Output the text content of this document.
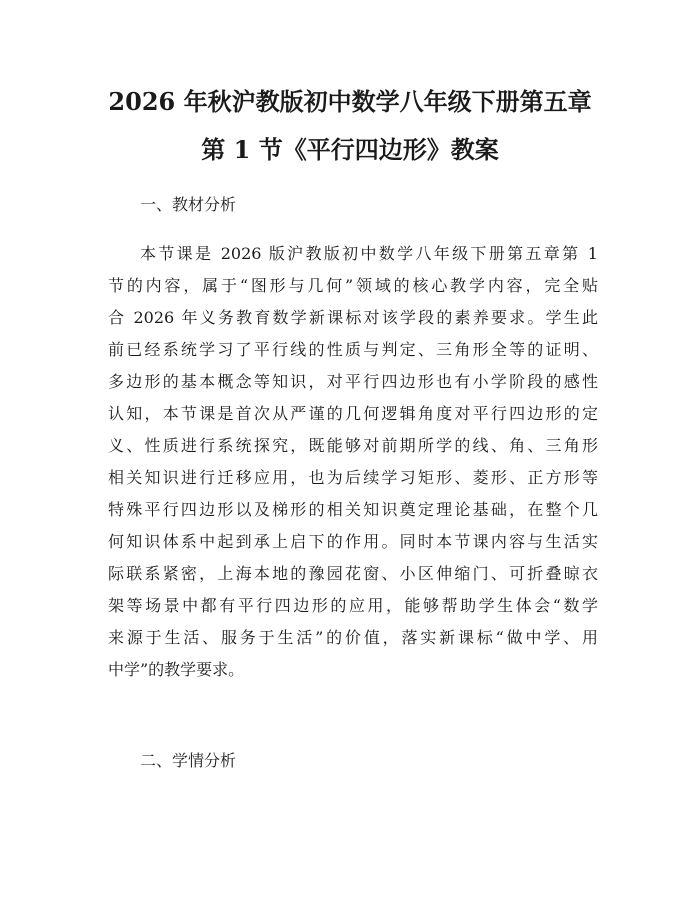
2026 年秋沪教版初中数学八年级下册第五章
第 1 节《平行四边形》教案
一、教材分析

本节课是 2026 版沪教版初中数学八年级下册第五章第 1
节的内容，属于“图形与几何”领域的核心教学内容，完全贴
合 2026 年义务教育数学新课标对该学段的素养要求。学生此
前已经系统学习了平行线的性质与判定、三角形全等的证明、
多边形的基本概念等知识，对平行四边形也有小学阶段的感性
认知，本节课是首次从严谨的几何逻辑角度对平行四边形的定
义、性质进行系统探究，既能够对前期所学的线、角、三角形
相关知识进行迁移应用，也为后续学习矩形、菱形、正方形等
特殊平行四边形以及梯形的相关知识奠定理论基础，在整个几
何知识体系中起到承上启下的作用。同时本节课内容与生活实
际联系紧密，上海本地的豫园花窗、小区伸缩门、可折叠晾衣
架等场景中都有平行四边形的应用，能够帮助学生体会“数学
来源于生活、服务于生活”的价值，落实新课标“做中学、用
中学”的教学要求。

二、学情分析
